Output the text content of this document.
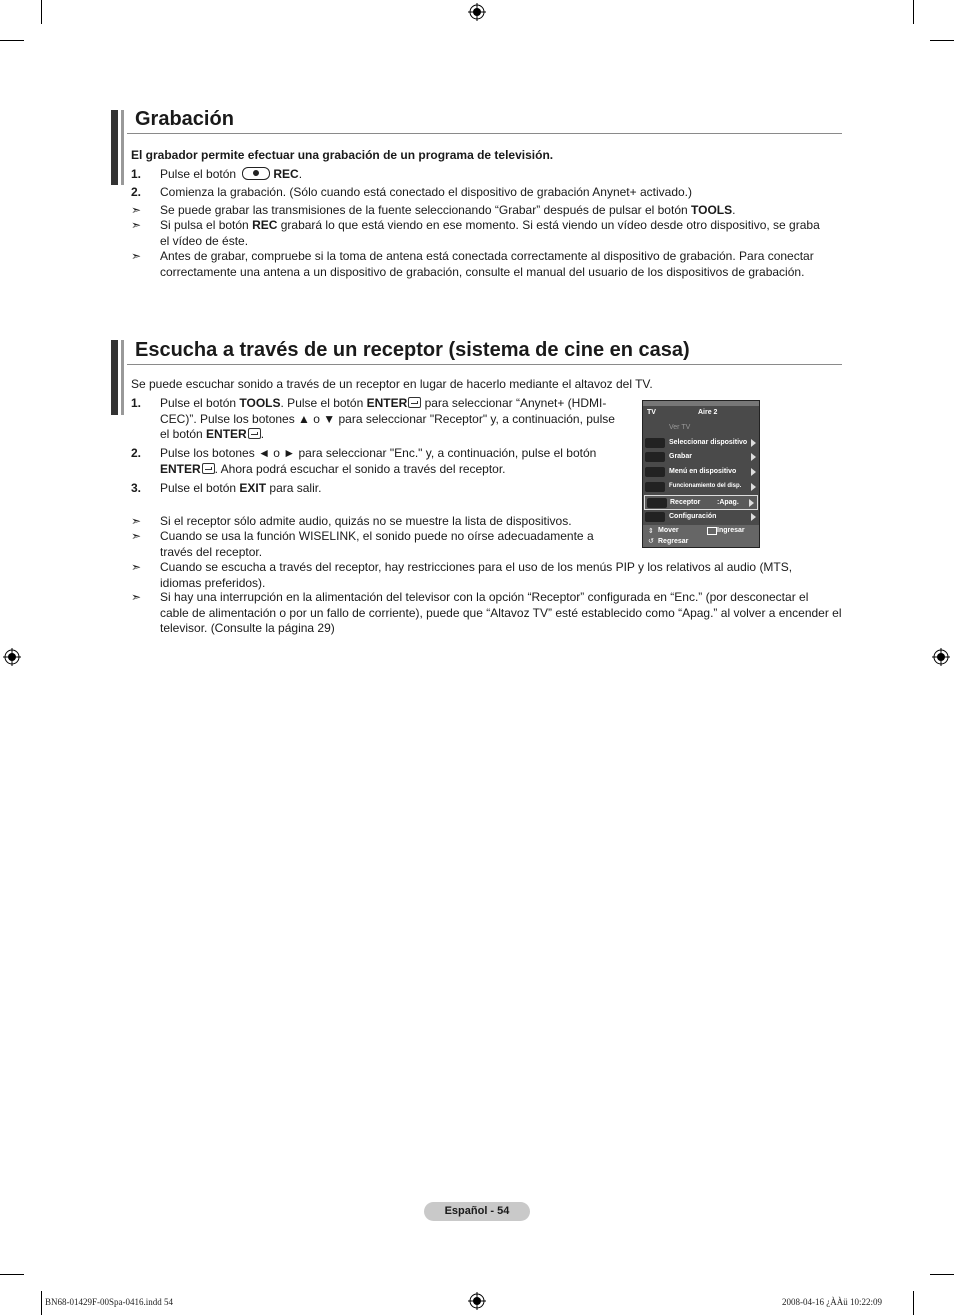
Grabación
El grabador permite efectuar una grabación de un programa de televisión.
1. Pulse el botón	REC.
2. Comienza la grabación. (Sólo cuando está conectado el dispositivo de grabación Anynet+ activado.)
➣ Se puede grabar las transmisiones de la fuente seleccionando “Grabar” después de pulsar el botón TOOLS.
➣ Si pulsa el botón REC grabará lo que está viendo en ese momento. Si está viendo un vídeo desde otro dispositivo, se graba
el vídeo de éste.
➣ Antes de grabar, compruebe si la toma de antena está conectada correctamente al dispositivo de grabación. Para conectar
correctamente una antena a un dispositivo de grabación, consulte el manual del usuario de los dispositivos de grabación.
Escucha a través de un receptor (sistema de cine en casa)
Se puede escuchar sonido a través de un receptor en lugar de hacerlo mediante el altavoz del TV.
1. Pulse el botón TOOLS. Pulse el botón ENTER para seleccionar “Anynet+ (HDMI-
CEC)”. Pulse los botones ▲ o ▼ para seleccionar "Receptor" y, a continuación, pulse
el botón ENTER .
2. Pulse los botones ◄ o ► para seleccionar "Enc." y, a continuación, pulse el botón
ENTER . Ahora podrá escuchar el sonido a través del receptor.
3. Pulse el botón EXIT para salir.
➣ Si el receptor sólo admite audio, quizás no se muestre la lista de dispositivos.
➣ Cuando se usa la función WISELINK, el sonido puede no oírse adecuadamente a
través del receptor.
➣ Cuando se escucha a través del receptor, hay restricciones para el uso de los menús PIP y los relativos al audio (MTS,
idiomas preferidos).
➣ Si hay una interrupción en la alimentación del televisor con la opción “Receptor” configurada en “Enc.” (por desconectar el
cable de alimentación o por un fallo de corriente), puede que “Altavoz TV” esté establecido como “Apag.” al volver a encender el
televisor. (Consulte la página 29)
TV	Aire 2
Ver TV
Seleccionar dispositivo
Grabar
Menú en dispositivo
Funcionamiento del disp.
Receptor :Apag.
Configuración
⇕ Mover	Ingresar
↺ Regresar
Español - 54
BN68-01429F-00Spa-0416.indd 54	2008-04-16 ¿ÀÀü 10:22:09
